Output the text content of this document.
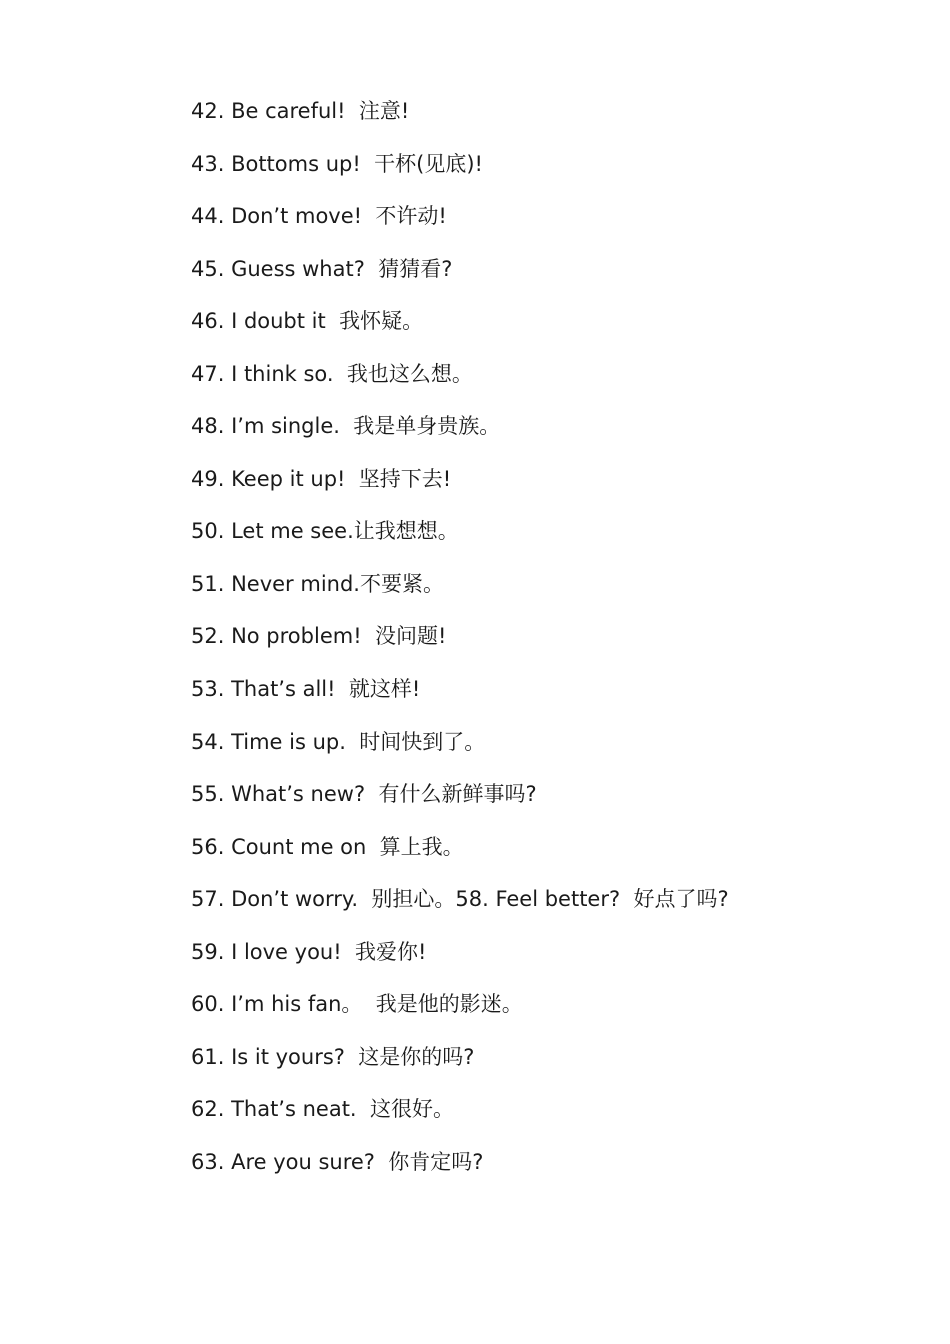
42. Be careful!  注意!
43. Bottoms up!  干杯(见底)!
44. Don’t move!  不许动!
45. Guess what?  猜猜看?
46. I doubt it  我怀疑。
47. I think so.  我也这么想。
48. I’m single.  我是单身贵族。
49. Keep it up!  坚持下去!
50. Let me see.让我想想。
51. Never mind.不要紧。
52. No problem!  没问题!
53. That’s all!  就这样!
54. Time is up.  时间快到了。
55. What’s new?  有什么新鲜事吗?
56. Count me on  算上我。
57. Don’t worry.  别担心。58. Feel better?  好点了吗?
59. I love you!  我爱你!
60. I’m his fan。  我是他的影迷。
61. Is it yours?  这是你的吗?
62. That’s neat.  这很好。
63. Are you sure?  你肯定吗?
